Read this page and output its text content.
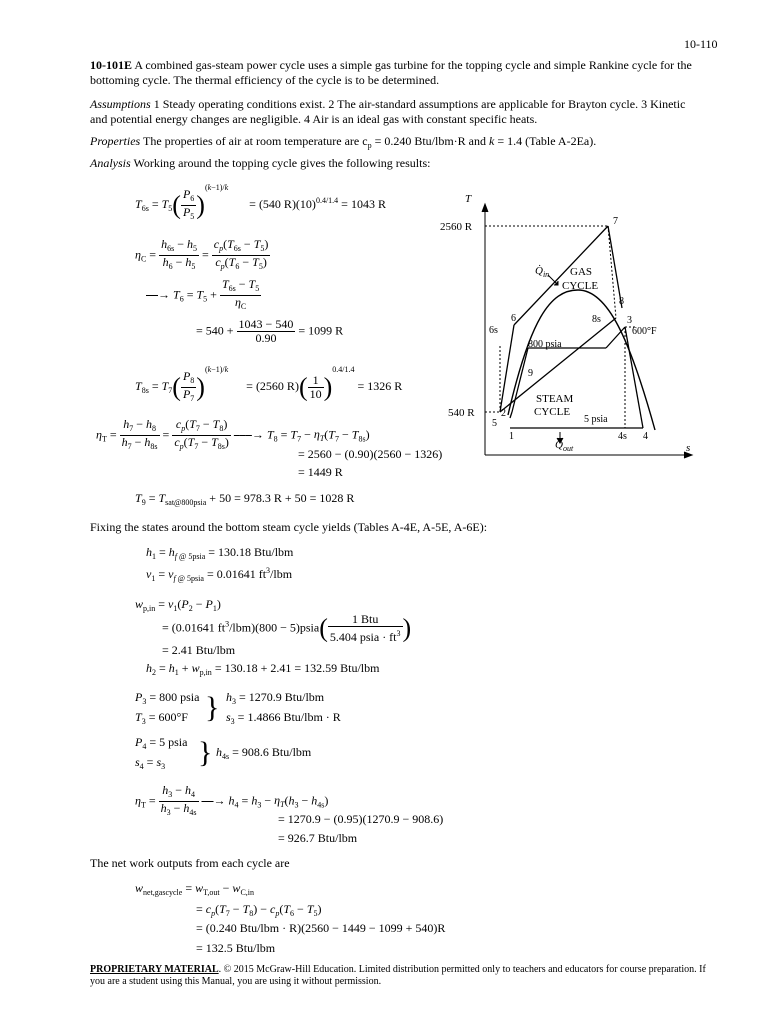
10-110
10-101E A combined gas-steam power cycle uses a simple gas turbine for the topping cycle and simple Rankine cycle for the bottoming cycle. The thermal efficiency of the cycle is to be determined.
Assumptions 1 Steady operating conditions exist. 2 The air-standard assumptions are applicable for Brayton cycle. 3 Kinetic and potential energy changes are negligible. 4 Air is an ideal gas with constant specific heats.
Properties The properties of air at room temperature are $c_p = 0.240$ Btu/lbm·R and k = 1.4 (Table A-2Ea).
Analysis Working around the topping cycle gives the following results:
$T_{6s} = T_5( \frac{P_6}{P_5} )^{(k-1)/k}$       = (540 $R)(10)^{0.4/1.4} = 1043$ R
$\eta_C = \frac{h_{6s} - h_5}{h_6 - h_5} = \frac{c_p(T_{6s} - T_5)}{c_p(T_6 - T_5)}$
⎯⎯→ $T_6 = T_5 + \frac{T_{6s} - T_5}{\eta_C}$
= $540 + \frac{1043 - 540}{0.90} = 1099$ R
$T_{8s} = T_7( \frac{P_8}{P_7} )^{(k-1)/k}$      = (2560 $R)( \frac{1}{10} )^{0.4/1.4} = 1326$ R
$\eta_T = \frac{h_7 - h_8}{h_7 - h_{8s}} = \frac{c_p(T_7 - T_8)}{c_p(T_7 - T_{8s})}$ ⎯⎯⎯→ $T_8 = T_7 - \eta_T(T_7 - T_{8s})$
= 2560 − (0.90)(2560 − 1326)
= 1449 R
$T_9 = T_{sat@800psia} + 50 = 978.3$ R + 50 = 1028 R
T
s
2560 R
540 R
GAS
CYCLE
STEAM
CYCLE
800 psia
5 psia
600°F
$Q̇_{in}$
$Q̇_{out}$
7
8
8s	3
6
6s
9
5
2
1	4s 4
Fixing the states around the bottom steam cycle yields (Tables A-4E, A-5E, A-6E):
$h_1 = h_{f @ 5psia} = 130.18$ Btu/lbm
$v_1 = v_{f @ 5psia} = 0.01641$ $ft^3$/lbm
$w_{p,in} = v_1(P_2 - P_1)$
= (0.01641 $ft^3/lbm)(800$ − 5)psia(	1 Btu
5.404 psia · $ft^3$ )
= 2.41 Btu/lbm
$h_2 = h_1 + w_{p,in} = 130.18 + 2.41 = 132.59$ Btu/lbm
$P_3 = 800$ psia
$T_3 = 600^\circ F$ } $h_3 = 1270.9$ Btu/lbm
$s_3 = 1.4866$ Btu/lbm · R
$P_4 = 5$ psia
$s_4 = s_3$ } $h_{4s} = 908.6$ Btu/lbm
$\eta_T = \frac{h_3 - h_4}{h_3 - h_{4s}}$ ⎯⎯→ $h_4 = h_3 - \eta_T(h_3 - h_{4s})$
= 1270.9 − (0.95)(1270.9 − 908.6)
= 926.7 Btu/lbm
The net work outputs from each cycle are
$w_{net,gascycle} = w_{T,out} - w_{C,in}$
= $c_p(T_7 - T_8) - c_p(T_6 - T_5)$
= (0.240 Btu/lbm · R)(2560 − 1449 − 1099 + 540)R
= 132.5 Btu/lbm
PROPRIETARY MATERIAL. © 2015 McGraw-Hill Education. Limited distribution permitted only to teachers and educators for course preparation. If you are a student using this Manual, you are using it without permission.
